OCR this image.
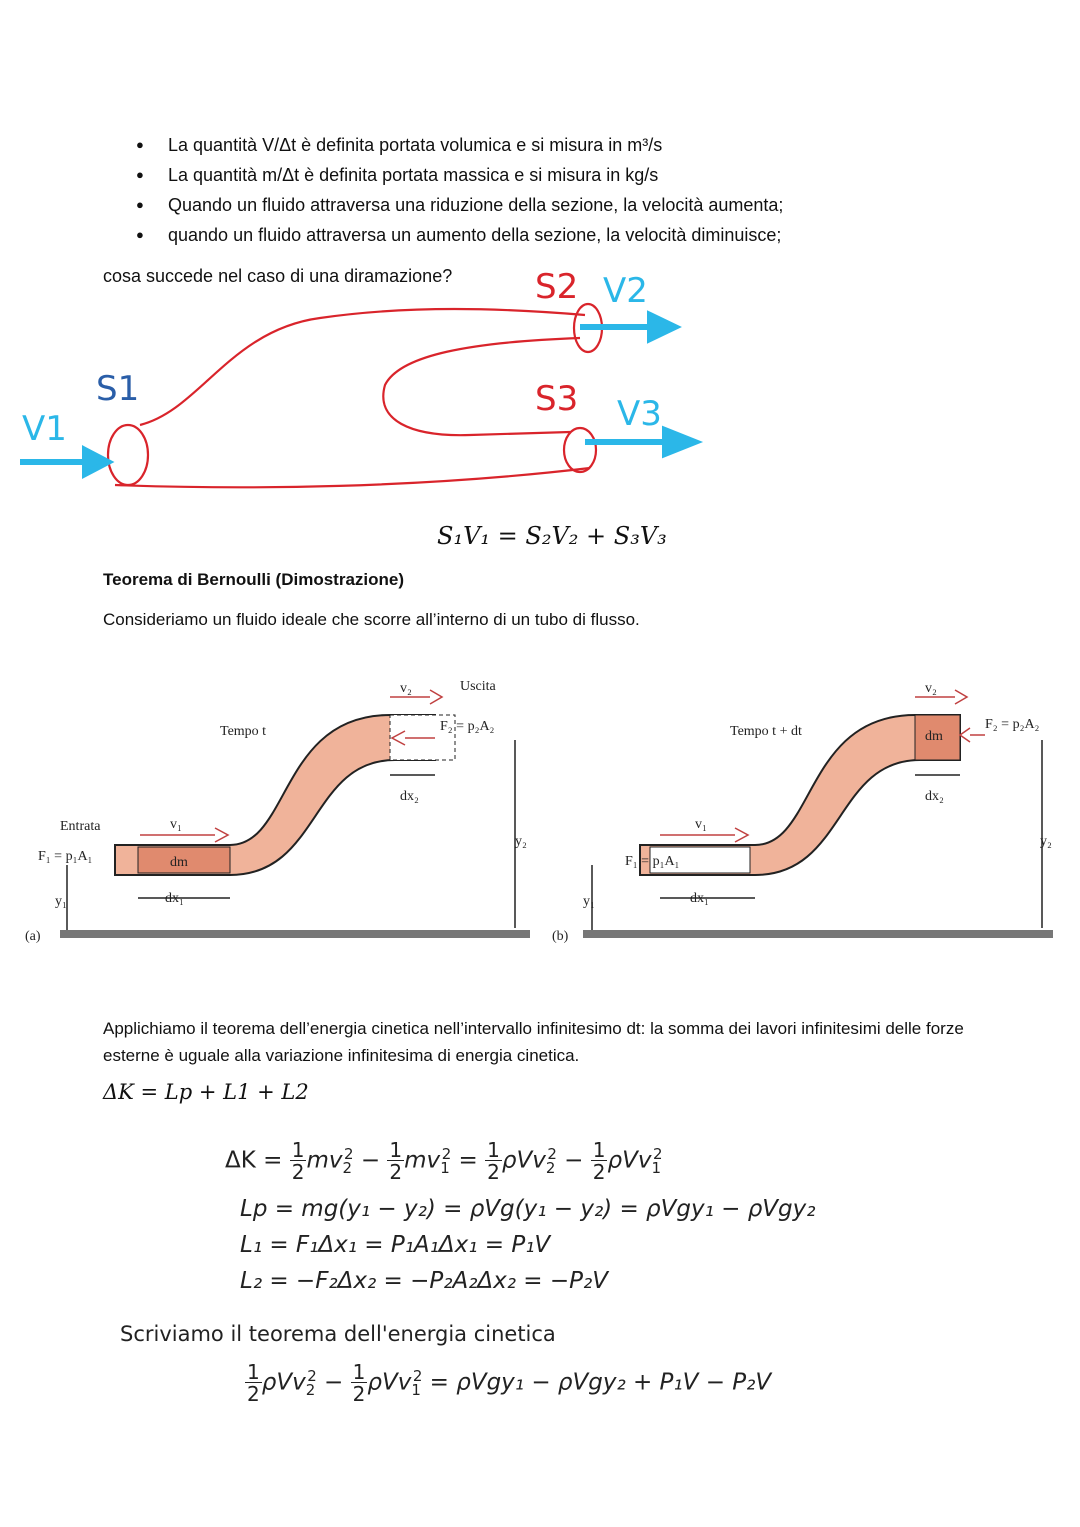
● La quantità V/Δt è definita portata volumica e si misura in m³/s
● La quantità m/Δt è definita portata massica e si misura in kg/s
● Quando un fluido attraversa una riduzione della sezione, la velocità aumenta;
● quando un fluido attraversa un aumento della sezione, la velocità diminuisce;
cosa succede nel caso di una diramazione?
S1
V1
S2 V2
S3 V3
S₁V₁ = S₂V₂ + S₃V₃
Teorema di Bernoulli (Dimostrazione)
Consideriamo un fluido ideale che scorre all’interno di un tubo di flusso.
dm
Tempo t
Entrata
Uscita
F₁ = p₁A₁
F₂ = p₂A₂
v₁
v₂
dx₁
dx₂
y₁
y₂
(a)
dm
Tempo t + dt
F₁ = p₁A₁
F₂ = p₂A₂
v₁
v₂
dx₁
dx₂
y₁
y₂
(b)
Applichiamo il teorema dell’energia cinetica nell’intervallo infinitesimo dt: la somma dei lavori infinitesimi delle forze esterne è uguale alla variazione infinitesima di energia cinetica.
ΔK = Lp + L1 + L2
$\Delta K = \frac{1}{2} mv_2^2 - \frac{1}{2} mv_1^2 = \frac{1}{2} \rho Vv_2^2 - \frac{1}{2} \rho Vv_1^2$
Lp = mg(y₁ − y₂) = ρVg(y₁ − y₂) = ρVgy₁ − ρVgy₂
L₁ = F₁Δx₁ = P₁A₁Δx₁ = P₁V
L₂ = −F₂Δx₂ = −P₂A₂Δx₂ = −P₂V
Scriviamo il teorema dell'energia cinetica
$\frac{1}{2} \rho Vv_2^2 - \frac{1}{2} \rho Vv_1^2 = \rho Vgy_1 - \rho Vgy_2 + P_1V - P_2V$
